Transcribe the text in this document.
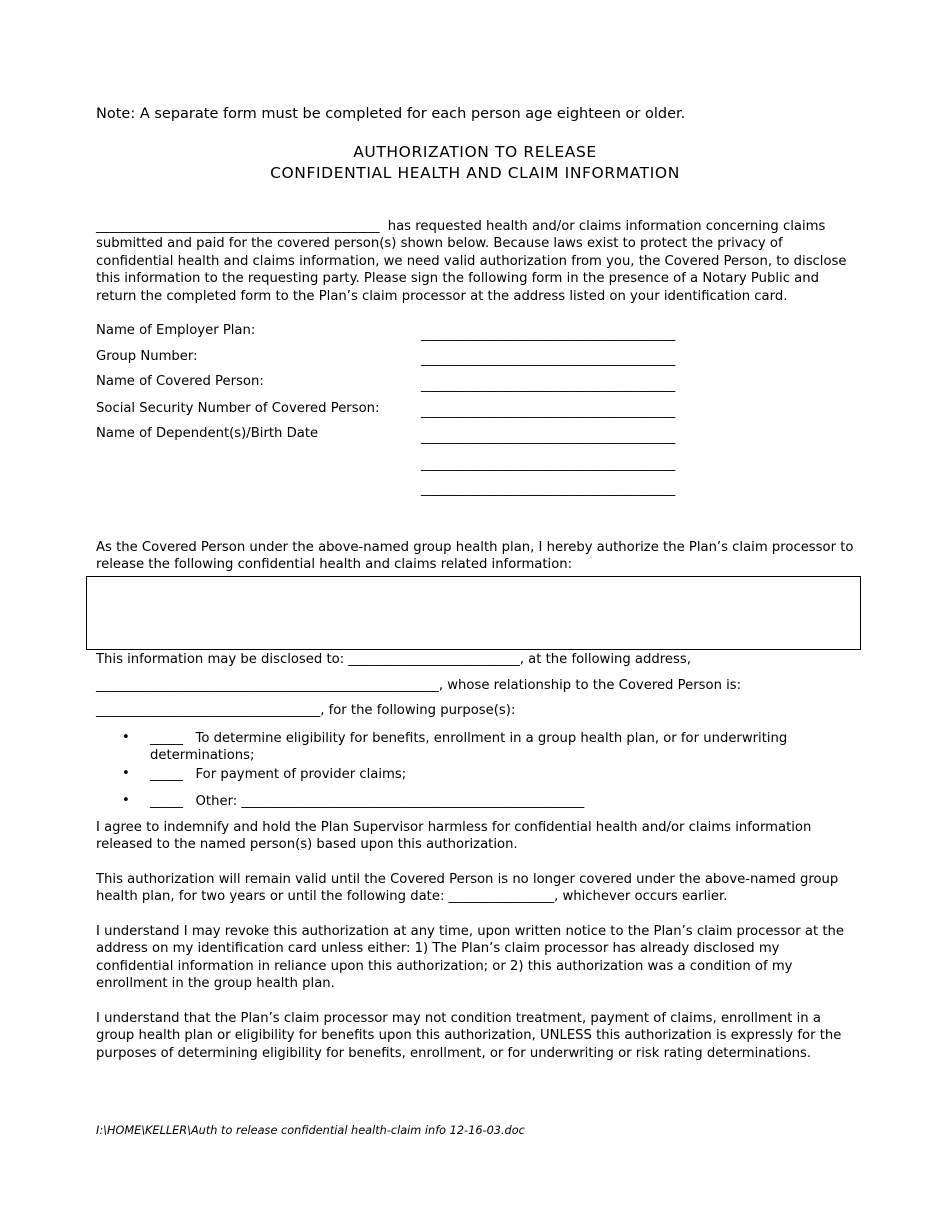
Note: A separate form must be completed for each person age eighteen or older.
AUTHORIZATION TO RELEASE
CONFIDENTIAL HEALTH AND CLAIM INFORMATION
___________________________________________ has requested health and/or claims information concerning claims submitted and paid for the covered person(s) shown below. Because laws exist to protect the privacy of confidential health and claims information, we need valid authorization from you, the Covered Person, to disclose this information to the requesting party. Please sign the following form in the presence of a Notary Public and return the completed form to the Plan’s claim processor at the address listed on your identification card.
Name of Employer Plan:	______________________________________
Group Number:	______________________________________
Name of Covered Person:	______________________________________
Social Security Number of Covered Person:	______________________________________
Name of Dependent(s)/Birth Date	______________________________________
______________________________________
______________________________________
As the Covered Person under the above-named group health plan, I hereby authorize the Plan’s claim processor to release the following confidential health and claims related information:
This information may be disclosed to: __________________________, at the following address,
____________________________________________________, whose relationship to the Covered Person is:
__________________________________, for the following purpose(s):
• _____ To determine eligibility for benefits, enrollment in a group health plan, or for underwriting determinations;
• _____ For payment of provider claims;
• _____ Other: ____________________________________________________
I agree to indemnify and hold the Plan Supervisor harmless for confidential health and/or claims information released to the named person(s) based upon this authorization.
This authorization will remain valid until the Covered Person is no longer covered under the above-named group health plan, for two years or until the following date: ________________, whichever occurs earlier.
I understand I may revoke this authorization at any time, upon written notice to the Plan’s claim processor at the address on my identification card unless either: 1) The Plan’s claim processor has already disclosed my confidential information in reliance upon this authorization; or 2) this authorization was a condition of my enrollment in the group health plan.
I understand that the Plan’s claim processor may not condition treatment, payment of claims, enrollment in a group health plan or eligibility for benefits upon this authorization, UNLESS this authorization is expressly for the purposes of determining eligibility for benefits, enrollment, or for underwriting or risk rating determinations.
I:\HOME\KELLER\Auth to release confidential health-claim info 12-16-03.doc
